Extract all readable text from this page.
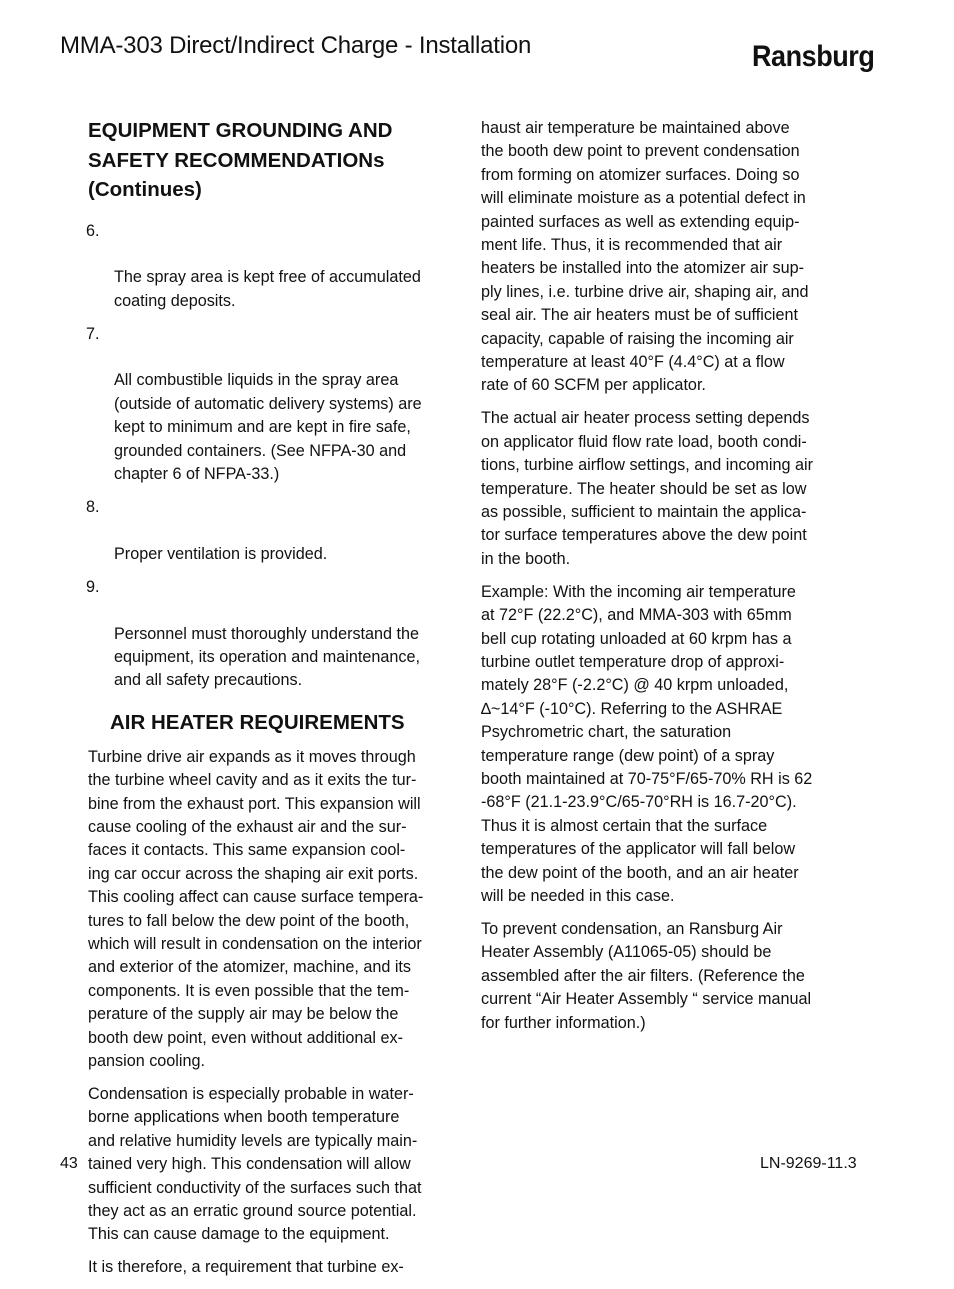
MMA-303 Direct/Indirect Charge - Installation	Ransburg
EQUIPMENT GROUNDING AND
SAFETY RECOMMENDATIONs
(Continues)

6.

The spray area is kept free of accumulated
coating deposits.

7.

All combustible liquids in the spray area
(outside of automatic delivery systems) are
kept to minimum and are kept in fire safe,
grounded containers. (See NFPA-30 and
chapter 6 of NFPA-33.)

8.

Proper ventilation is provided.

9.

Personnel must thoroughly understand the
equipment, its operation and maintenance,
and all safety precautions.

AIR HEATER REQUIREMENTS

Turbine drive air expands as it moves through
the turbine wheel cavity and as it exits the tur-
bine from the exhaust port. This expansion will
cause cooling of the exhaust air and the sur-
faces it contacts. This same expansion cool-
ing car occur across the shaping air exit ports.
This cooling affect can cause surface tempera-
tures to fall below the dew point of the booth,
which will result in condensation on the interior
and exterior of the atomizer, machine, and its
components. It is even possible that the tem-
perature of the supply air may be below the
booth dew point, even without additional ex-
pansion cooling.

Condensation is especially probable in water-
borne applications when booth temperature
and relative humidity levels are typically main-
tained very high. This condensation will allow
sufficient conductivity of the surfaces such that
they act as an erratic ground source potential.
This can cause damage to the equipment.

It is therefore, a requirement that turbine ex-

haust air temperature be maintained above
the booth dew point to prevent condensation
from forming on atomizer surfaces. Doing so
will eliminate moisture as a potential defect in
painted surfaces as well as extending equip-
ment life. Thus, it is recommended that air
heaters be installed into the atomizer air sup-
ply lines, i.e. turbine drive air, shaping air, and
seal air. The air heaters must be of sufficient
capacity, capable of raising the incoming air
temperature at least 40°F (4.4°C) at a flow
rate of 60 SCFM per applicator.

The actual air heater process setting depends
on applicator fluid flow rate load, booth condi-
tions, turbine airflow settings, and incoming air
temperature. The heater should be set as low
as possible, sufficient to maintain the applica-
tor surface temperatures above the dew point
in the booth.

Example: With the incoming air temperature
at 72°F (22.2°C), and MMA-303 with 65mm
bell cup rotating unloaded at 60 krpm has a
turbine outlet temperature drop of approxi-
mately 28°F (-2.2°C) @ 40 krpm unloaded,
∆~14°F (-10°C). Referring to the ASHRAE
Psychrometric chart, the saturation
temperature range (dew point) of a spray
booth maintained at 70-75°F/65-70% RH is 62
-68°F (21.1-23.9°C/65-70°RH is 16.7-20°C).
Thus it is almost certain that the surface
temperatures of the applicator will fall below
the dew point of the booth, and an air heater
will be needed in this case.

To prevent condensation, an Ransburg Air
Heater Assembly (A11065-05) should be
assembled after the air filters. (Reference the
current “Air Heater Assembly “ service manual
for further information.)

43	LN-9269-11.3
